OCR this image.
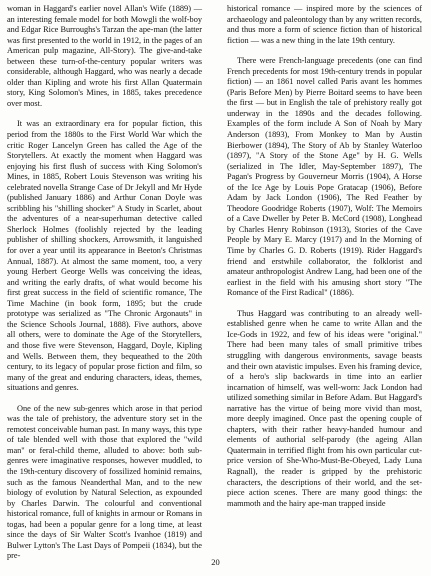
woman in Haggard's earlier novel Allan's Wife (1889) — an interesting female model for both Mowgli the wolf-boy and Edgar Rice Burroughs's Tarzan the ape-man (the latter was first presented to the world in 1912, in the pages of an American pulp magazine, All-Story). The give-and-take between these turn-of-the-century popular writers was considerable, although Haggard, who was nearly a decade older than Kipling and wrote his first Allan Quatermain story, King Solomon's Mines, in 1885, takes precedence over most.

It was an extraordinary era for popular fiction, this period from the 1880s to the First World War which the critic Roger Lancelyn Green has called the Age of the Storytellers. At exactly the moment when Haggard was enjoying his first flush of success with King Solomon's Mines, in 1885, Robert Louis Stevenson was writing his celebrated novella Strange Case of Dr Jekyll and Mr Hyde (published January 1886) and Arthur Conan Doyle was scribbling his "shilling shocker" A Study in Scarlet, about the adventures of a near-superhuman detective called Sherlock Holmes (foolishly rejected by the leading publisher of shilling shockers, Arrowsmith, it languished for over a year until its appearance in Beeton's Christmas Annual, 1887). At almost the same moment, too, a very young Herbert George Wells was conceiving the ideas, and writing the early drafts, of what would become his first great success in the field of scientific romance, The Time Machine (in book form, 1895; but the crude prototype was serialized as "The Chronic Argonauts" in the Science Schools Journal, 1888). Five authors, above all others, were to dominate the Age of the Storytellers, and those five were Stevenson, Haggard, Doyle, Kipling and Wells. Between them, they bequeathed to the 20th century, to its legacy of popular prose fiction and film, so many of the great and enduring characters, ideas, themes, situations and genres.

One of the new sub-genres which arose in that period was the tale of prehistory, the adventure story set in the remotest conceivable human past. In many ways, this type of tale blended well with those that explored the "wild man" or feral-child theme, alluded to above: both sub-genres were imaginative responses, however muddled, to the 19th-century discovery of fossilized hominid remains, such as the famous Neanderthal Man, and to the new biology of evolution by Natural Selection, as expounded by Charles Darwin. The colourful and conventional historical romance, full of knights in armour or Romans in togas, had been a popular genre for a long time, at least since the days of Sir Walter Scott's Ivanhoe (1819) and Bulwer Lytton's The Last Days of Pompeii (1834), but the pre-

historical romance — inspired more by the sciences of archaeology and paleontology than by any written records, and thus more a form of science fiction than of historical fiction — was a new thing in the late 19th century.

There were French-language precedents (one can find French precedents for most 19th-century trends in popular fiction) — an 1861 novel called Paris avant les hommes (Paris Before Men) by Pierre Boitard seems to have been the first — but in English the tale of prehistory really got underway in the 1890s and the decades following. Examples of the form include A Son of Noah by Mary Anderson (1893), From Monkey to Man by Austin Bierbower (1894), The Story of Ab by Stanley Waterloo (1897), "A Story of the Stone Age" by H. G. Wells (serialized in The Idler, May-September 1897), The Pagan's Progress by Gouverneur Morris (1904), A Horse of the Ice Age by Louis Pope Gratacap (1906), Before Adam by Jack London (1906), The Red Feather by Theodore Goodridge Roberts (1907), Wolf: The Memoirs of a Cave Dweller by Peter B. McCord (1908), Longhead by Charles Henry Robinson (1913), Stories of the Cave People by Mary E. Marcy (1917) and In the Morning of Time by Charles G. D. Roberts (1919). Rider Haggard's friend and erstwhile collaborator, the folklorist and amateur anthropologist Andrew Lang, had been one of the earliest in the field with his amusing short story "The Romance of the First Radical" (1886).

Thus Haggard was contributing to an already well-established genre when he came to write Allan and the Ice-Gods in 1922, and few of his ideas were "original." There had been many tales of small primitive tribes struggling with dangerous environments, savage beasts and their own atavistic impulses. Even his framing device, of a hero's slip backwards in time into an earlier incarnation of himself, was well-worn: Jack London had utilized something similar in Before Adam. But Haggard's narrative has the virtue of being more vivid than most, more deeply imagined. Once past the opening couple of chapters, with their rather heavy-handed humour and elements of authorial self-parody (the ageing Allan Quatermain in terrified flight from his own particular cut-price version of She-Who-Must-Be-Obeyed, Lady Luna Ragnall), the reader is gripped by the prehistoric characters, the descriptions of their world, and the set-piece action scenes. There are many good things: the mammoth and the hairy ape-man trapped inside

20
